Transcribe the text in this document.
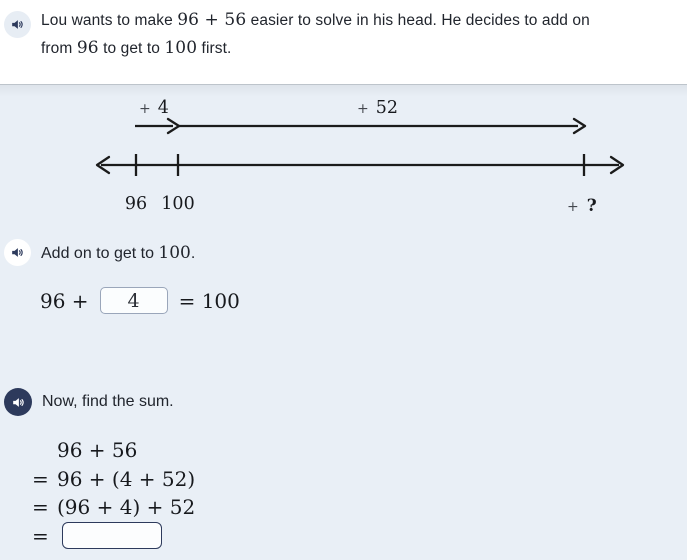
Lou wants to make 96 + 56 easier to solve in his head. He decides to add on

from 96 to get to 100 first.

+ 4	+ 52
96 100	+ ?

Add on to get to 100.

96 +
4	= 100

Now, find the sum.

96 + 56
= 96 + (4 + 52)
= (96 + 4) + 52
=
